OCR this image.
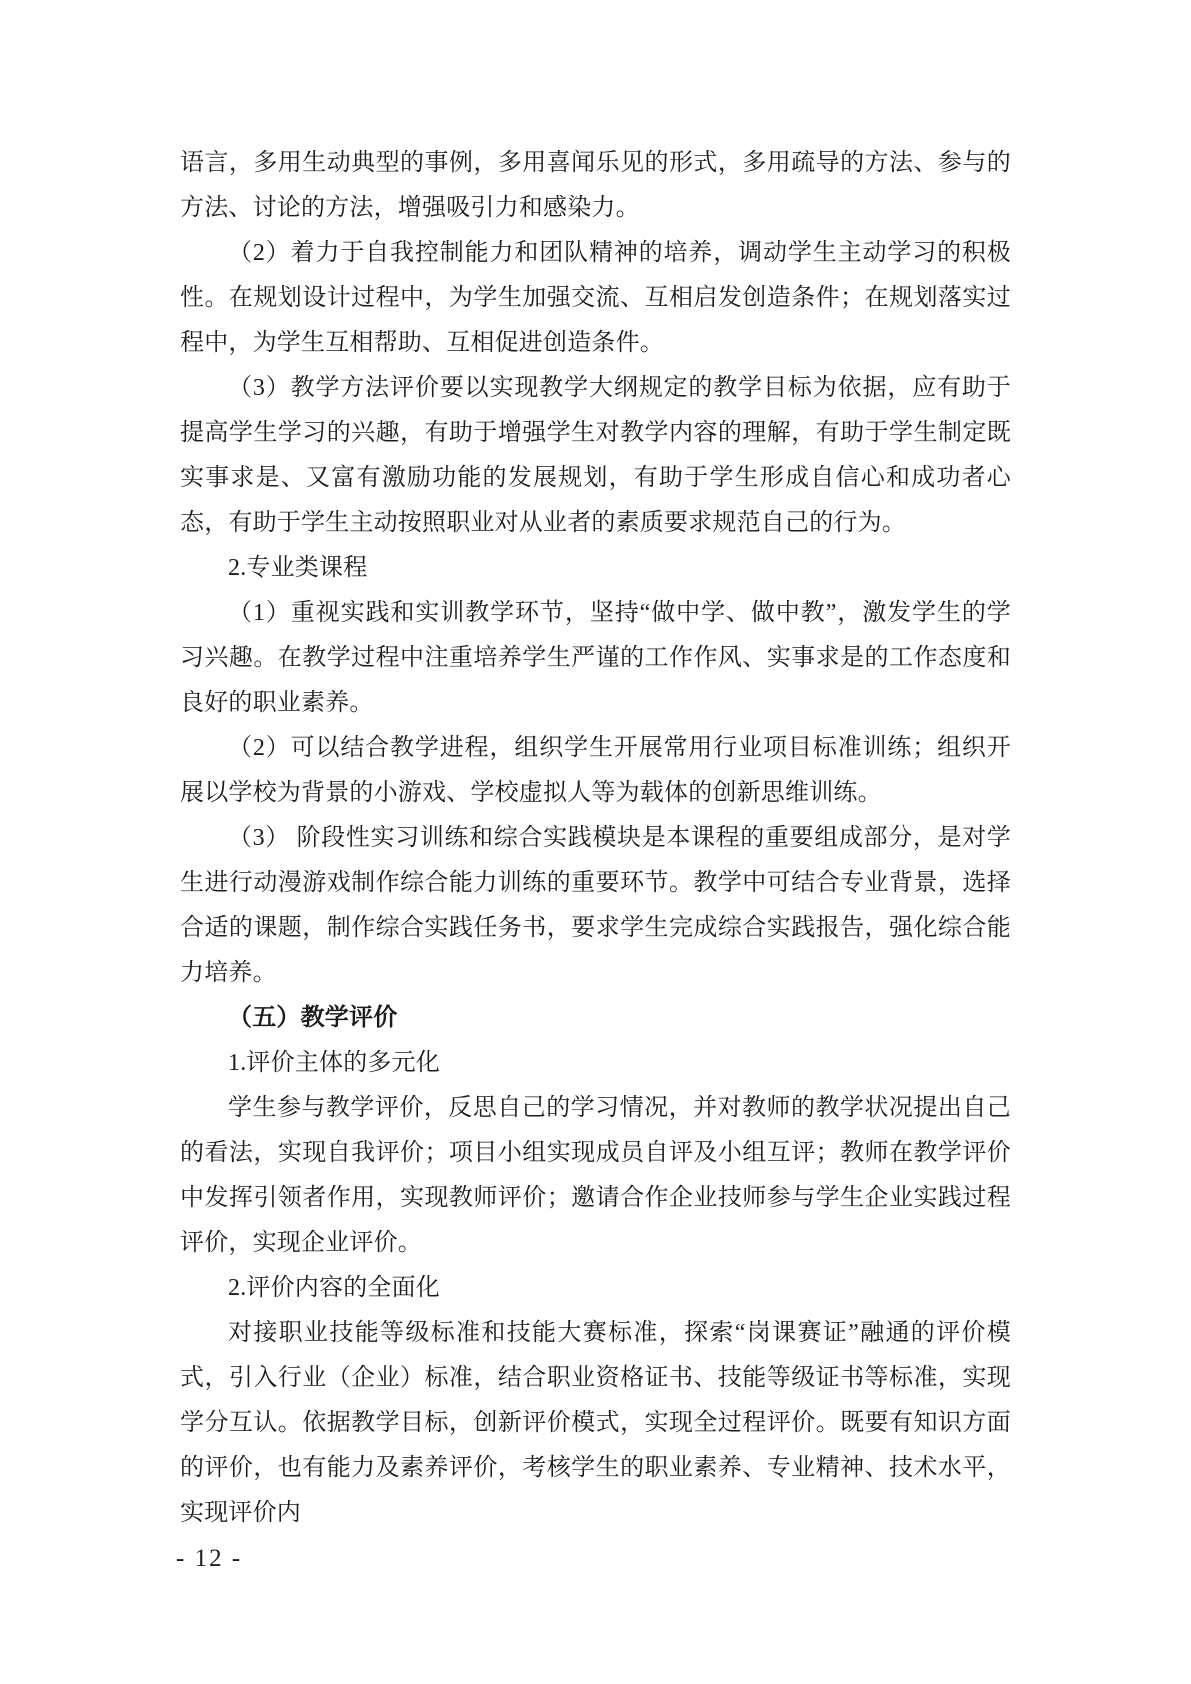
语言，多用生动典型的事例，多用喜闻乐见的形式，多用疏导的方法、参与的方法、讨论的方法，增强吸引力和感染力。

（2）着力于自我控制能力和团队精神的培养，调动学生主动学习的积极性。在规划设计过程中，为学生加强交流、互相启发创造条件；在规划落实过程中，为学生互相帮助、互相促进创造条件。

（3）教学方法评价要以实现教学大纲规定的教学目标为依据，应有助于提高学生学习的兴趣，有助于增强学生对教学内容的理解，有助于学生制定既实事求是、又富有激励功能的发展规划，有助于学生形成自信心和成功者心态，有助于学生主动按照职业对从业者的素质要求规范自己的行为。

2.专业类课程

（1）重视实践和实训教学环节，坚持“做中学、做中教”，激发学生的学习兴趣。在教学过程中注重培养学生严谨的工作作风、实事求是的工作态度和良好的职业素养。

（2）可以结合教学进程，组织学生开展常用行业项目标准训练；组织开展以学校为背景的小游戏、学校虚拟人等为载体的创新思维训练。

（3） 阶段性实习训练和综合实践模块是本课程的重要组成部分，是对学生进行动漫游戏制作综合能力训练的重要环节。教学中可结合专业背景，选择合适的课题，制作综合实践任务书，要求学生完成综合实践报告，强化综合能力培养。

（五）教学评价

1.评价主体的多元化

学生参与教学评价，反思自己的学习情况，并对教师的教学状况提出自己的看法，实现自我评价；项目小组实现成员自评及小组互评；教师在教学评价中发挥引领者作用，实现教师评价；邀请合作企业技师参与学生企业实践过程评价，实现企业评价。

2.评价内容的全面化

对接职业技能等级标准和技能大赛标准，探索“岗课赛证”融通的评价模式，引入行业（企业）标准，结合职业资格证书、技能等级证书等标准，实现学分互认。依据教学目标，创新评价模式，实现全过程评价。既要有知识方面的评价，也有能力及素养评价，考核学生的职业素养、专业精神、技术水平，实现评价内

- 12 -
